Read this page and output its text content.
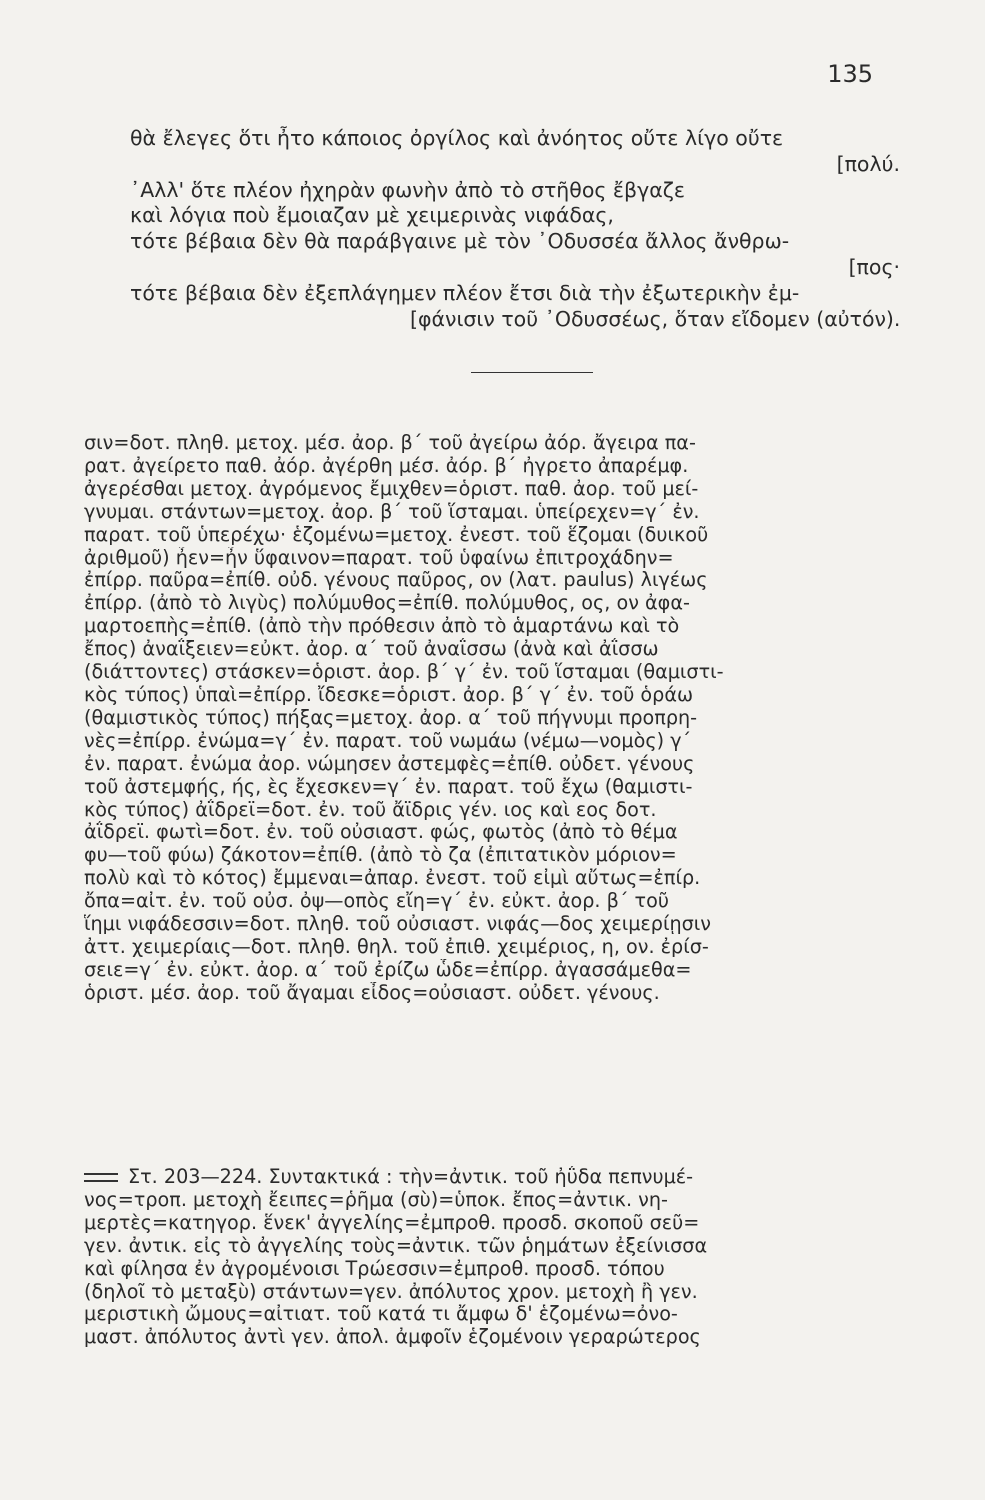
135
θὰ ἔλεγες ὅτι ἦτο κάποιος ὀργίλος καὶ ἀνόητος οὔτε λίγο οὔτε
[πολύ.
᾿Αλλ' ὅτε πλέον ἠχηρὰν φωνὴν ἀπὸ τὸ στῆθος ἔβγαζε
καὶ λόγια ποὺ ἔμοιαζαν μὲ χειμερινὰς νιφάδας,
τότε βέβαια δὲν θὰ παράβγαινε μὲ τὸν ᾿Οδυσσέα ἄλλος ἄνθρω-
[πος·
τότε βέβαια δὲν ἐξεπλάγημεν πλέον ἔτσι διὰ τὴν ἐξωτερικὴν ἐμ-
[φάνισιν τοῦ ᾿Οδυσσέως, ὅταν εἴδομεν (αὐτόν).
σιν=δοτ. πληθ. μετοχ. μέσ. ἀορ. β΄ τοῦ ἀγείρω ἀόρ. ἄγειρα πα-
ρατ. ἀγείρετο παθ. ἀόρ. ἀγέρθη μέσ. ἀόρ. β΄ ἠγρετο ἀπαρέμφ.
ἀγερέσθαι μετοχ. ἀγρόμενος ἔμιχθεν=ὁριστ. παθ. ἀορ. τοῦ μεί-
γνυμαι. στάντων=μετοχ. ἀορ. β΄ τοῦ ἵσταμαι. ὑπείρεχεν=γ΄ ἐν.
παρατ. τοῦ ὑπερέχω· ἑζομένω=μετοχ. ἐνεστ. τοῦ ἕζομαι (δυικοῦ
ἀριθμοῦ) ἦεν=ἦν ὕφαινον=παρατ. τοῦ ὑφαίνω ἐπιτροχάδην=
ἐπίρρ. παῦρα=ἐπίθ. οὐδ. γένους παῦρος, ον (λατ. paulus) λιγέως
ἐπίρρ. (ἀπὸ τὸ λιγὺς) πολύμυθος=ἐπίθ. πολύμυθος, ος, ον ἀφα-
μαρτοεπὴς=ἐπίθ. (ἀπὸ τὴν πρόθεσιν ἀπὸ τὸ ἁμαρτάνω καὶ τὸ
ἔπος) ἀναΐξειεν=εὐκτ. ἀορ. α΄ τοῦ ἀναΐσσω (ἀνὰ καὶ ἀΐσσω
(διάττοντες) στάσκεν=ὁριστ. ἀορ. β΄ γ΄ ἐν. τοῦ ἵσταμαι (θαμιστι-
κὸς τύπος) ὑπαὶ=ἐπίρρ. ἴδεσκε=ὁριστ. ἀορ. β΄ γ΄ ἐν. τοῦ ὁράω
(θαμιστικὸς τύπος) πήξας=μετοχ. ἀορ. α΄ τοῦ πήγνυμι προπρη-
νὲς=ἐπίρρ. ἐνώμα=γ΄ ἐν. παρατ. τοῦ νωμάω (νέμω—νομὸς) γ΄
ἐν. παρατ. ἐνώμα ἀορ. νώμησεν ἀστεμφὲς=ἐπίθ. οὐδετ. γένους
τοῦ ἀστεμφής, ής, ὲς ἔχεσκεν=γ΄ ἐν. παρατ. τοῦ ἔχω (θαμιστι-
κὸς τύπος) ἀΐδρεϊ=δοτ. ἐν. τοῦ ἄϊδρις γέν. ιος καὶ εος δοτ.
ἀΐδρεϊ. φωτὶ=δοτ. ἐν. τοῦ οὐσιαστ. φώς, φωτὸς (ἀπὸ τὸ θέμα
φυ—τοῦ φύω) ζάκοτον=ἐπίθ. (ἀπὸ τὸ ζα (ἐπιτατικὸν μόριον=
πολὺ καὶ τὸ κότος) ἔμμεναι=ἀπαρ. ἐνεστ. τοῦ εἰμὶ αὔτως=ἐπίρ.
ὄπα=αἰτ. ἐν. τοῦ οὐσ. ὀψ—οπὸς εἴη=γ΄ ἐν. εὐκτ. ἀορ. β΄ τοῦ
ἵημι νιφάδεσσιν=δοτ. πληθ. τοῦ οὐσιαστ. νιφάς—δος χειμερίῃσιν
ἀττ. χειμερίαις—δοτ. πληθ. θηλ. τοῦ ἐπιθ. χειμέριος, η, ον. ἐρίσ-
σειε=γ΄ ἐν. εὐκτ. ἀορ. α΄ τοῦ ἐρίζω ὧδε=ἐπίρρ. ἀγασσάμεθα=
ὁριστ. μέσ. ἀορ. τοῦ ἄγαμαι εἶδος=οὐσιαστ. οὐδετ. γένους.
Στ. 203—224. Συντακτικά : τὴν=ἀντικ. τοῦ ἠΰδα πεπνυμέ-
νος=τροπ. μετοχὴ ἔειπες=ῥῆμα (σὺ)=ὑποκ. ἔπος=ἀντικ. νη-
μερτὲς=κατηγορ. ἕνεκ' ἀγγελίης=ἐμπροθ. προσδ. σκοποῦ σεῦ=
γεν. ἀντικ. εἰς τὸ ἀγγελίης τοὺς=ἀντικ. τῶν ῥημάτων ἐξείνισσα
καὶ φίλησα ἐν ἀγρομένοισι Τρώεσσιν=ἐμπροθ. προσδ. τόπου
(δηλοῖ τὸ μεταξὺ) στάντων=γεν. ἀπόλυτος χρον. μετοχὴ ἢ γεν.
μεριστικὴ ὤμους=αἰτιατ. τοῦ κατά τι ἄμφω δ' ἑζομένω=ὀνο-
μαστ. ἀπόλυτος ἀντὶ γεν. ἀπολ. ἀμφοῖν ἑζομένοιν γεραρώτερος
